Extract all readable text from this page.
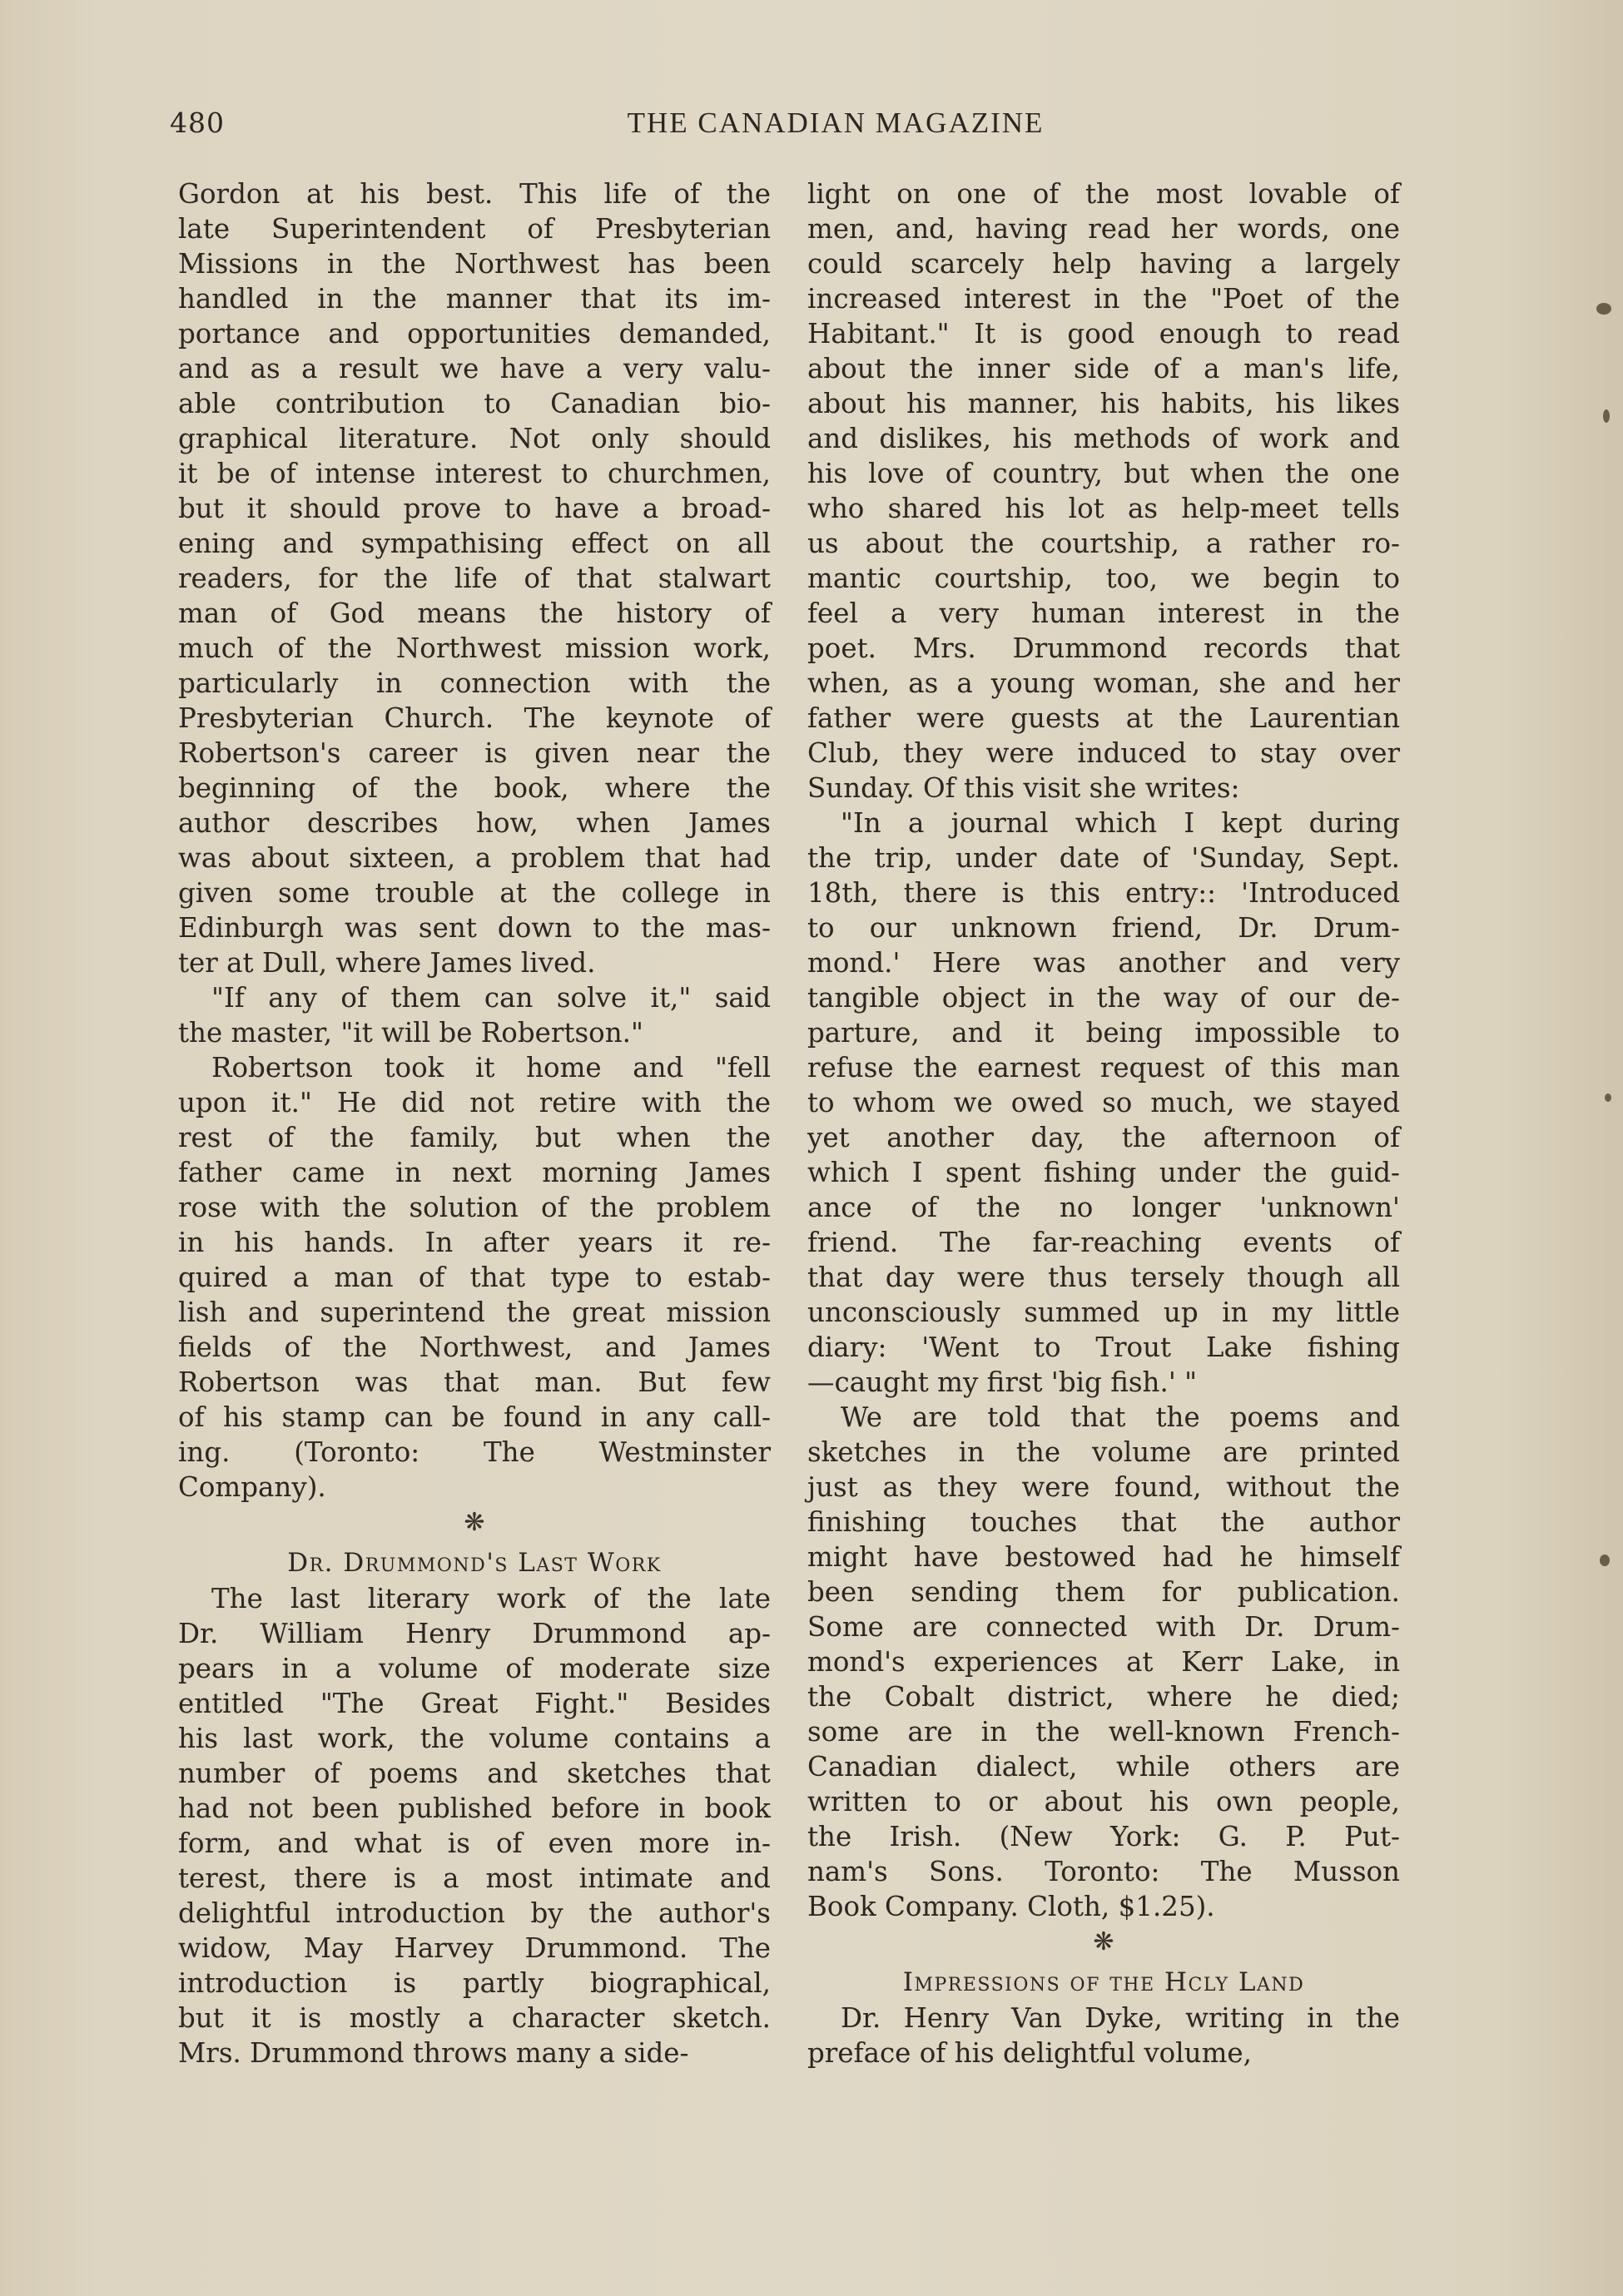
480	THE CANADIAN MAGAZINE

Gordon at his best. This life of the
late Superintendent of Presbyterian
Missions in the Northwest has been
handled in the manner that its im-
portance and opportunities demanded,
and as a result we have a very valu-
able contribution to Canadian bio-
graphical literature. Not only should
it be of intense interest to churchmen,
but it should prove to have a broad-
ening and sympathising effect on all
readers, for the life of that stalwart
man of God means the history of
much of the Northwest mission work,
particularly in connection with the
Presbyterian Church. The keynote of
Robertson's career is given near the
beginning of the book, where the
author describes how, when James
was about sixteen, a problem that had
given some trouble at the college in
Edinburgh was sent down to the mas-
ter at Dull, where James lived.

"If any of them can solve it," said
the master, "it will be Robertson."

Robertson took it home and "fell
upon it." He did not retire with the
rest of the family, but when the
father came in next morning James
rose with the solution of the problem
in his hands. In after years it re-
quired a man of that type to estab-
lish and superintend the great mission
fields of the Northwest, and James
Robertson was that man. But few
of his stamp can be found in any call-
ing. (Toronto: The Westminster
Company).

❋
Dr. Drummond's Last Work

The last literary work of the late
Dr. William Henry Drummond ap-
pears in a volume of moderate size
entitled "The Great Fight." Besides
his last work, the volume contains a
number of poems and sketches that
had not been published before in book
form, and what is of even more in-
terest, there is a most intimate and
delightful introduction by the author's
widow, May Harvey Drummond. The
introduction is partly biographical,
but it is mostly a character sketch.
Mrs. Drummond throws many a side-

light on one of the most lovable of
men, and, having read her words, one
could scarcely help having a largely
increased interest in the "Poet of the
Habitant." It is good enough to read
about the inner side of a man's life,
about his manner, his habits, his likes
and dislikes, his methods of work and
his love of country, but when the one
who shared his lot as help-meet tells
us about the courtship, a rather ro-
mantic courtship, too, we begin to
feel a very human interest in the
poet. Mrs. Drummond records that
when, as a young woman, she and her
father were guests at the Laurentian
Club, they were induced to stay over
Sunday. Of this visit she writes:

"In a journal which I kept during
the trip, under date of 'Sunday, Sept.
18th, there is this entry:: 'Introduced
to our unknown friend, Dr. Drum-
mond.' Here was another and very
tangible object in the way of our de-
parture, and it being impossible to
refuse the earnest request of this man
to whom we owed so much, we stayed
yet another day, the afternoon of
which I spent fishing under the guid-
ance of the no longer 'unknown'
friend. The far-reaching events of
that day were thus tersely though all
unconsciously summed up in my little
diary: 'Went to Trout Lake fishing
—caught my first 'big fish.' "

We are told that the poems and
sketches in the volume are printed
just as they were found, without the
finishing touches that the author
might have bestowed had he himself
been sending them for publication.
Some are connected with Dr. Drum-
mond's experiences at Kerr Lake, in
the Cobalt district, where he died;
some are in the well-known French-
Canadian dialect, while others are
written to or about his own people,
the Irish. (New York: G. P. Put-
nam's Sons. Toronto: The Musson
Book Company. Cloth, $1.25).

❋
Impressions of the Hcly Land

Dr. Henry Van Dyke, writing in the
preface of his delightful volume,
